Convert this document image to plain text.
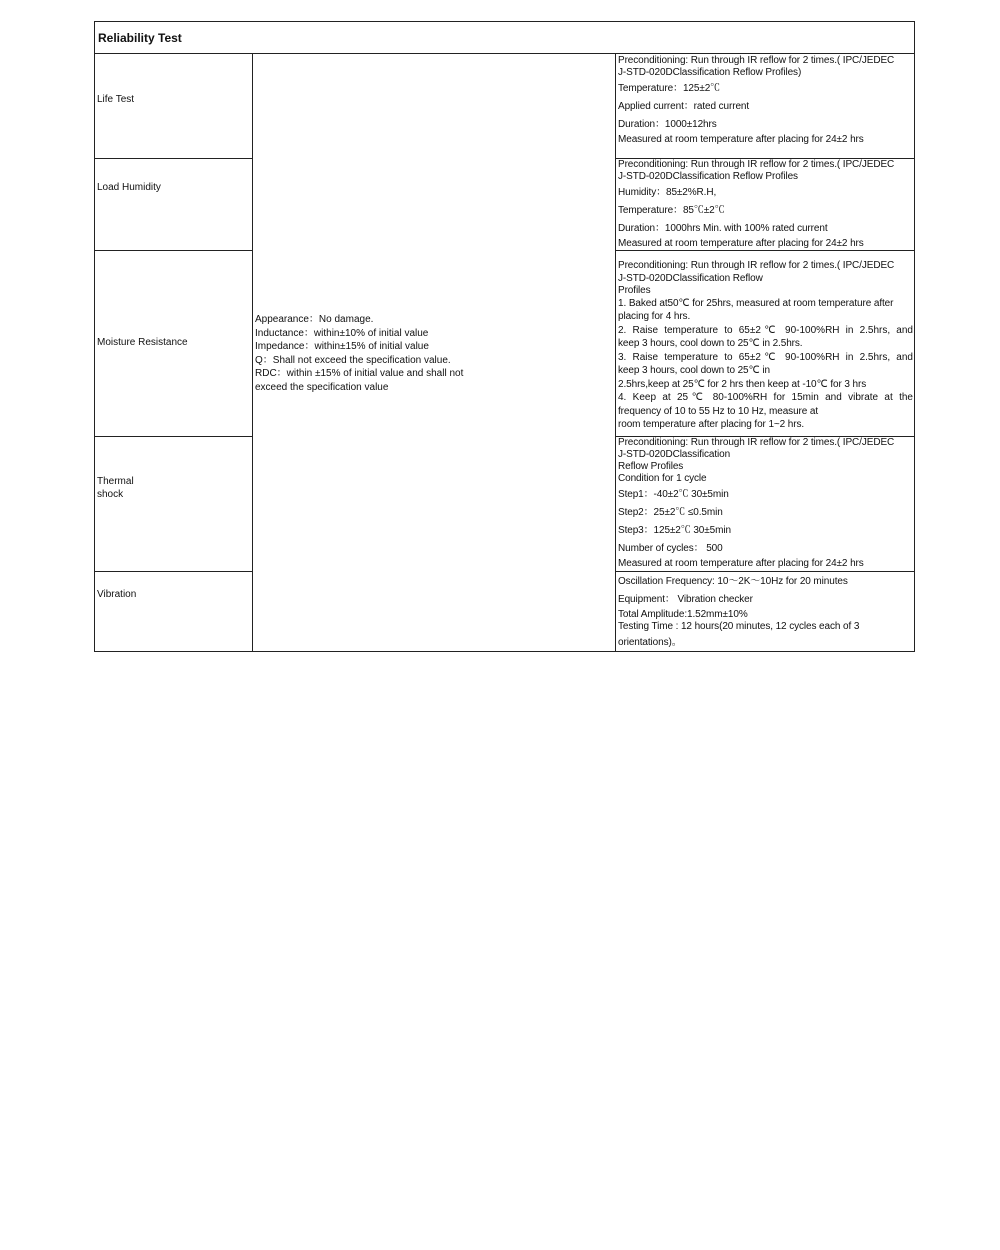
Reliability Test
Life Test
Load Humidity
Moisture Resistance
Thermal
shock
Vibration
Appearance：No damage.
Inductance：within±10% of initial value
Impedance：within±15% of initial value
Q：Shall not exceed the specification value.
RDC：within ±15% of initial value and shall not
exceed the specification value
Preconditioning: Run through IR reflow for 2 times.( IPC/JEDEC
J-STD-020DClassification Reflow Profiles)
Temperature：125±2℃
Applied current：rated current
Duration：1000±12hrs
Measured at room temperature after placing for 24±2 hrs
Preconditioning: Run through IR reflow for 2 times.( IPC/JEDEC
J-STD-020DClassification Reflow Profiles
Humidity：85±2%R.H,
Temperature：85℃±2℃
Duration：1000hrs Min. with 100% rated current
Measured at room temperature after placing for 24±2 hrs
Preconditioning: Run through IR reflow for 2 times.( IPC/JEDEC
J-STD-020DClassification Reflow
Profiles
1. Baked at50℃ for 25hrs, measured at room temperature after
placing for 4 hrs.
2. Raise temperature to 65±2℃ 90-100%RH in 2.5hrs, and
keep 3 hours, cool down to 25℃ in 2.5hrs.
3. Raise temperature to 65±2℃ 90-100%RH in 2.5hrs, and
keep 3 hours, cool down to 25℃ in
2.5hrs,keep at 25℃ for 2 hrs then keep at -10℃ for 3 hrs
4. Keep at 25℃ 80-100%RH for 15min and vibrate at the
frequency of 10 to 55 Hz to 10 Hz, measure at
room temperature after placing for 1~2 hrs.
Preconditioning: Run through IR reflow for 2 times.( IPC/JEDEC
J-STD-020DClassification
Reflow Profiles
Condition for 1 cycle
Step1：-40±2℃ 30±5min
Step2：25±2℃ ≤0.5min
Step3：125±2℃ 30±5min
Number of cycles： 500
Measured at room temperature after placing for 24±2 hrs
Oscillation Frequency: 10～2K～10Hz for 20 minutes
Equipment： Vibration checker
Total Amplitude:1.52mm±10%
Testing Time : 12 hours(20 minutes, 12 cycles each of 3
orientations)。
